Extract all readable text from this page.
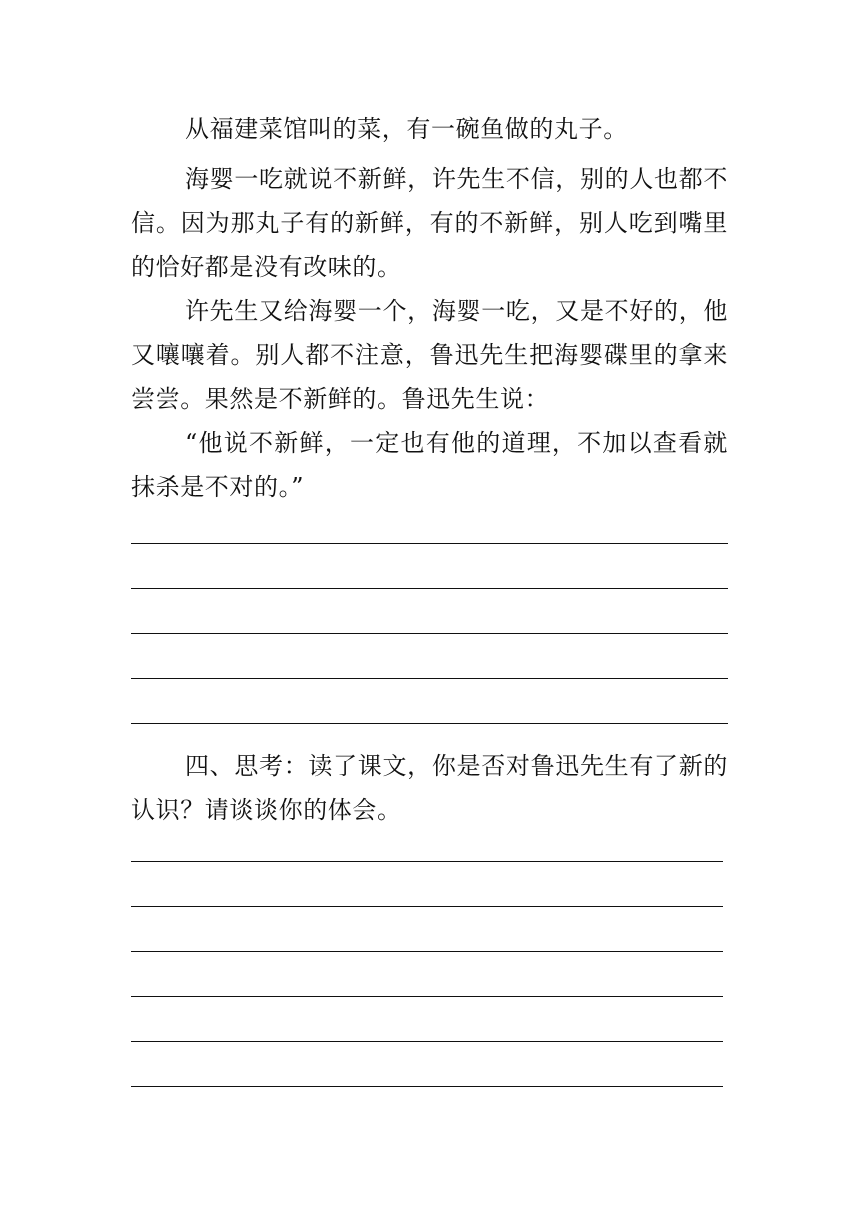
从福建菜馆叫的菜，有一碗鱼做的丸子。

海婴一吃就说不新鲜，许先生不信，别的人也都不信。因为那丸子有的新鲜，有的不新鲜，别人吃到嘴里的恰好都是没有改味的。

许先生又给海婴一个，海婴一吃，又是不好的，他又嚷嚷着。别人都不注意，鲁迅先生把海婴碟里的拿来尝尝。果然是不新鲜的。鲁迅先生说：

“他说不新鲜，一定也有他的道理，不加以查看就抹杀是不对的。”

四、思考：读了课文，你是否对鲁迅先生有了新的认识？请谈谈你的体会。
